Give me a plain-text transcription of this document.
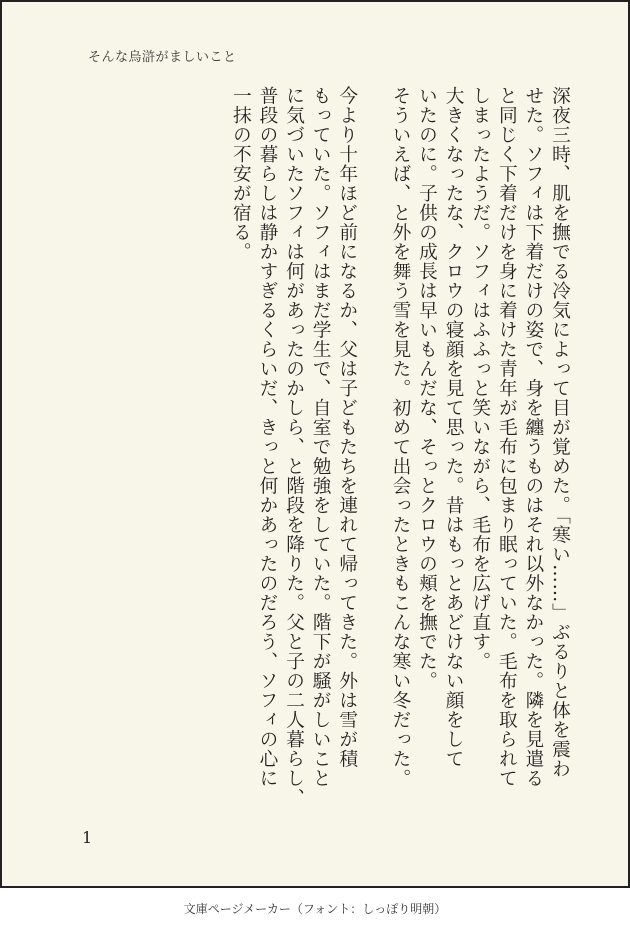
そんな烏滸がましいこと

深夜三時、肌を撫でる冷気によって目が覚めた。「寒い……」ぶるりと体を震わ
せた。ソフィは下着だけの姿で、身を纏うものはそれ以外なかった。隣を見遣る
と同じく下着だけを身に着けた青年が毛布に包まり眠っていた。毛布を取られて
しまったようだ。ソフィはふふっと笑いながら、毛布を広げ直す。

大きくなったな、クロウの寝顔を見て思った。昔はもっとあどけない顔をして
いたのに。子供の成長は早いもんだな、そっとクロウの頬を撫でた。

そういえば、と外を舞う雪を見た。初めて出会ったときもこんな寒い冬だった。

今より十年ほど前になるか、父は子どもたちを連れて帰ってきた。外は雪が積
もっていた。ソフィはまだ学生で、自室で勉強をしていた。階下が騒がしいこと
に気づいたソフィは何があったのかしら、と階段を降りた。父と子の二人暮らし、
普段の暮らしは静かすぎるくらいだ、きっと何かあったのだろう、ソフィの心に
一抹の不安が宿る。

1
文庫ページメーカー（フォント：しっぽり明朝）
